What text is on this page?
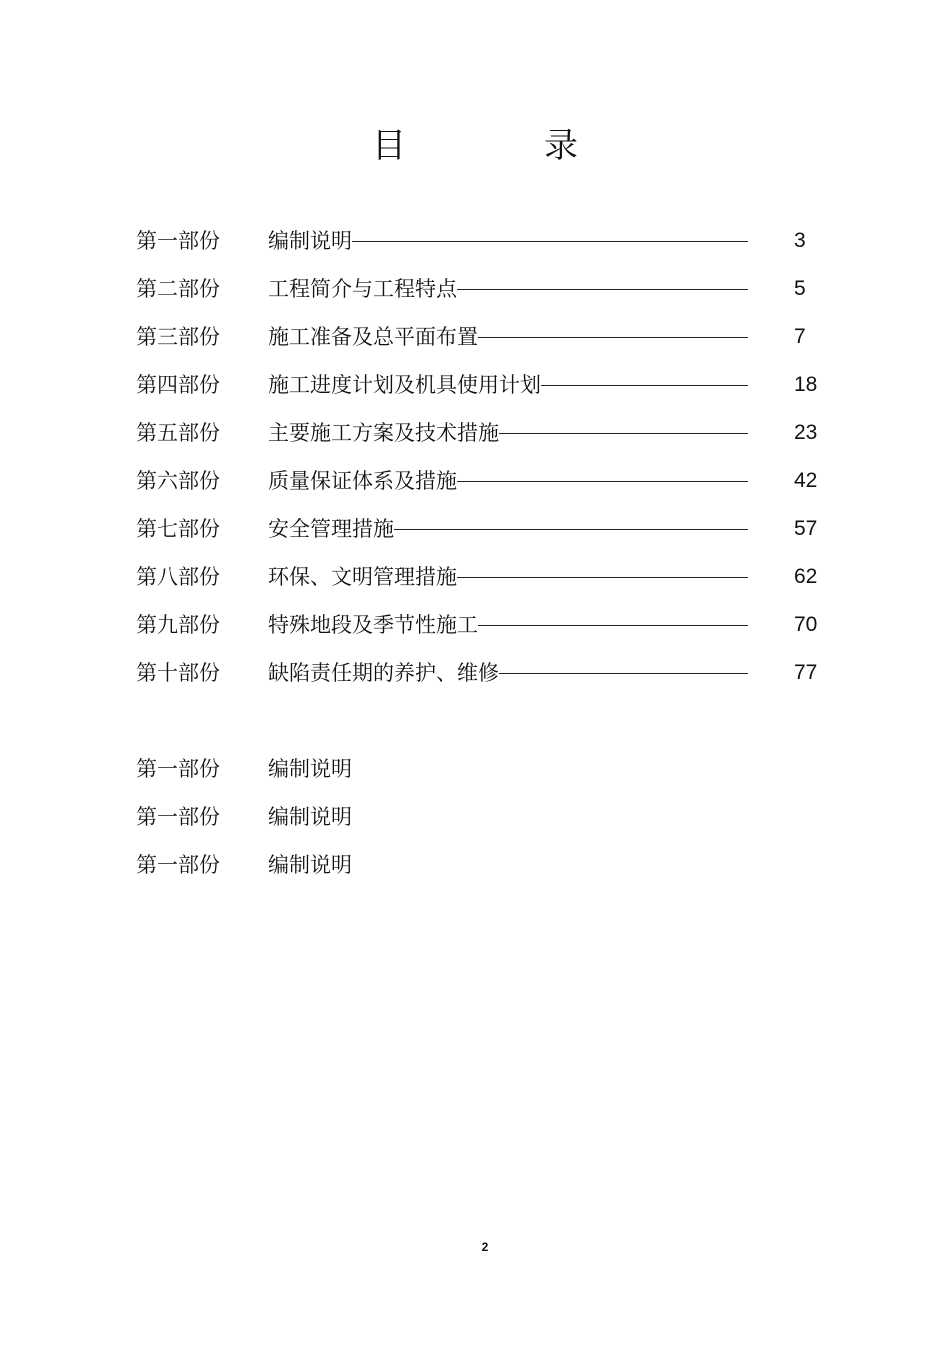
目　录
第一部份 编制说明	3
第二部份 工程简介与工程特点	5
第三部份 施工准备及总平面布置	7
第四部份 施工进度计划及机具使用计划	18
第五部份 主要施工方案及技术措施	23
第六部份 质量保证体系及措施	42
第七部份 安全管理措施	57
第八部份 环保、文明管理措施	62
第九部份 特殊地段及季节性施工	70
第十部份 缺陷责任期的养护、维修	77
第一部份 编制说明
第一部份 编制说明
第一部份 编制说明
2
